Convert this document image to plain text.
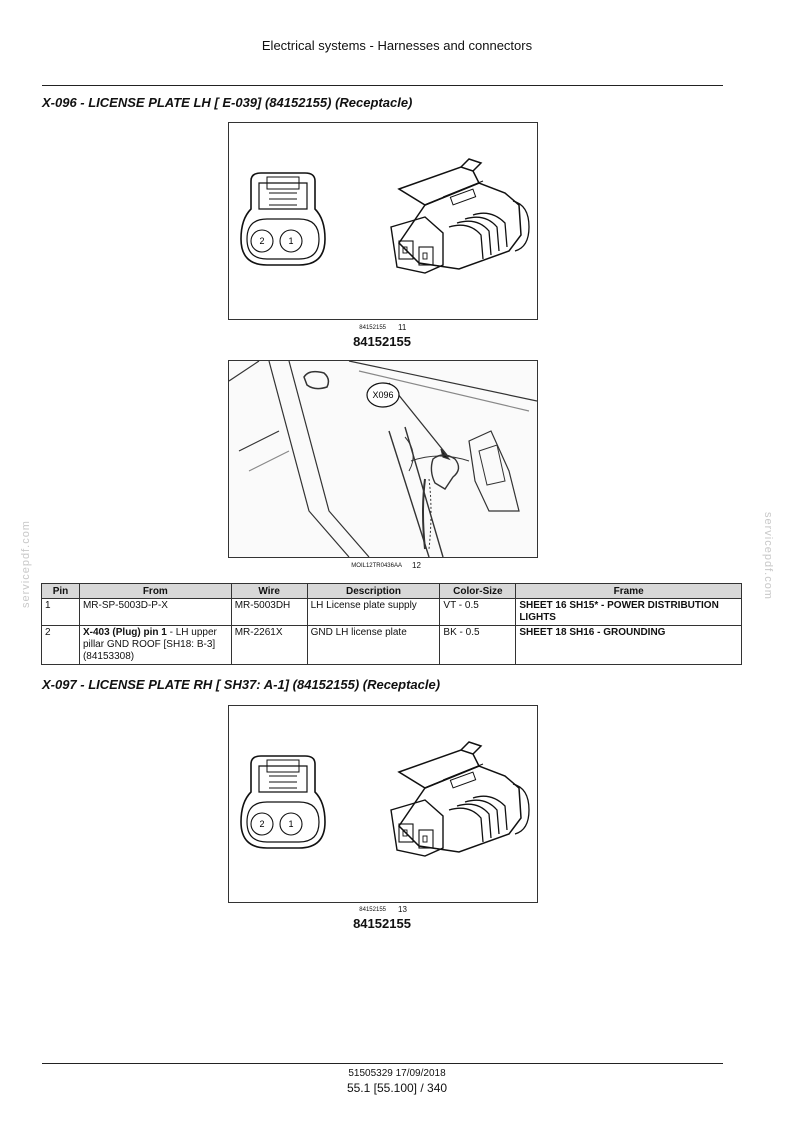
Electrical systems - Harnesses and connectors
X-096 - LICENSE PLATE LH [ E-039] (84152155) (Receptacle)
2	1
84152155 11
84152155
X096
MOIL12TR0436AA 12
Pin	From	Wire	Description	Color-Size	Frame
1	MR-SP-5003D-P-X	MR-5003DH	LH License plate supply	VT - 0.5	SHEET 16 SH15* - POWER DISTRIBUTION LIGHTS
2	X-403 (Plug) pin 1 - LH upper pillar GND ROOF [SH18: B-3] (84153308)	MR-2261X	GND LH license plate	BK - 0.5	SHEET 18 SH16 - GROUNDING
X-097 - LICENSE PLATE RH [ SH37: A-1] (84152155) (Receptacle)
2	1
84152155 13
84152155
servicepdf.com	servicepdf.com
51505329 17/09/2018
55.1 [55.100] / 340
